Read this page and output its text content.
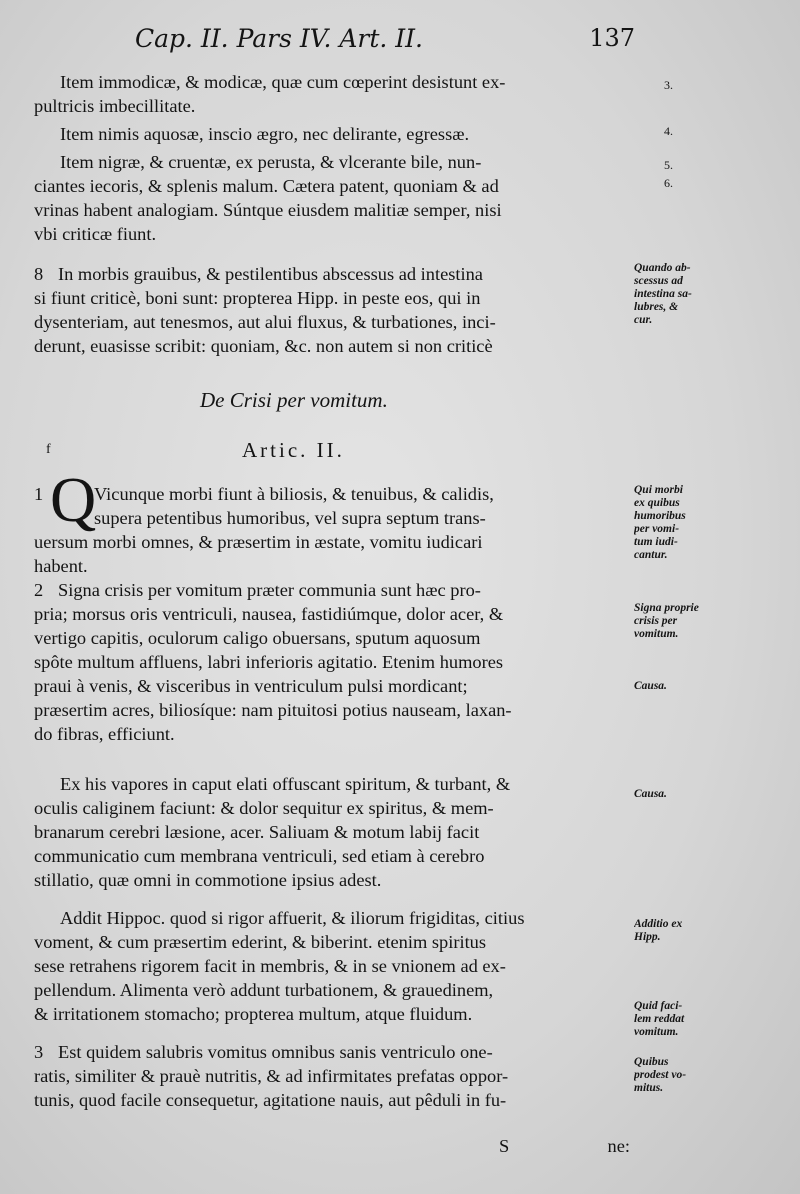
Cap. II. Pars IV. Art. II.	137
Item immodicæ, & modicæ, quæ cum cœperint desistunt ex-
pultricis imbecillitate.
Item nimis aquosæ, inscio ægro, nec delirante, egressæ.
Item nigræ, & cruentæ, ex perusta, & vlcerante bile, nun-
ciantes iecoris, & splenis malum. Cætera patent, quoniam & ad
vrinas habent analogiam. Súntque eiusdem malitiæ semper, nisi
vbi criticæ fiunt.
8 In morbis grauibus, & pestilentibus abscessus ad intestina
si fiunt criticè, boni sunt: propterea Hipp. in peste eos, qui in
dysenteriam, aut tenesmos, aut alui fluxus, & turbationes, inci-
derunt, euasisse scribit: quoniam, &c. non autem si non criticè
De Crisi per vomitum.
f	Artic. II.
Q
1	Vicunque morbi fiunt à biliosis, & tenuibus, & calidis,
supera petentibus humoribus, vel supra septum trans-
uersum morbi omnes, & præsertim in æstate, vomitu iudicari
habent.
2 Signa crisis per vomitum præter communia sunt hæc pro-
pria; morsus oris ventriculi, nausea, fastidiúmque, dolor acer, &
vertigo capitis, oculorum caligo obuersans, sputum aquosum
spôte multum affluens, labri inferioris agitatio. Etenim humores
praui à venis, & visceribus in ventriculum pulsi mordicant;
præsertim acres, biliosíque: nam pituitosi potius nauseam, laxan-
do fibras, efficiunt.
Ex his vapores in caput elati offuscant spiritum, & turbant, &
oculis caliginem faciunt: & dolor sequitur ex spiritus, & mem-
branarum cerebri læsione, acer. Saliuam & motum labij facit
communicatio cum membrana ventriculi, sed etiam à cerebro
stillatio, quæ omni in commotione ipsius adest.
Addit Hippoc. quod si rigor affuerit, & iliorum frigiditas, citius
voment, & cum præsertim ederint, & biberint. etenim spiritus
sese retrahens rigorem facit in membris, & in se vnionem ad ex-
pellendum. Alimenta verò addunt turbationem, & grauedinem,
& irritationem stomacho; propterea multum, atque fluidum.
3 Est quidem salubris vomitus omnibus sanis ventriculo one-
ratis, similiter & prauè nutritis, & ad infirmitates prefatas oppor-
tunis, quod facile consequetur, agitatione nauis, aut pêduli in fu-
S	ne:
3.
4.
5.
6.
Quando ab-
scessus ad
intestina sa-
lubres, &
cur.
Qui morbi
ex quibus
humoribus
per vomi-
tum iudi-
cantur.
Signa proprie
crisis per
vomitum.
Causa.
Causa.
Additio ex
Hipp.
Quid faci-
lem reddat
vomitum.
Quibus
prodest vo-
mitus.
